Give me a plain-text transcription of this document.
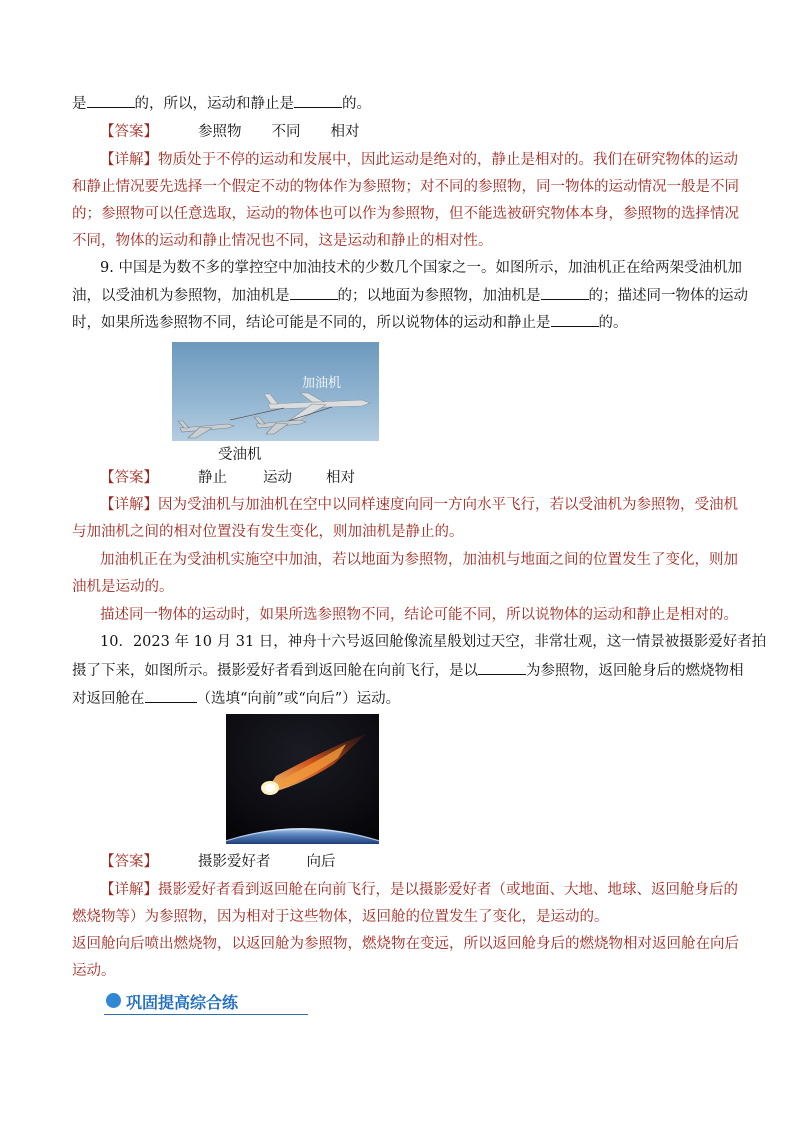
是	的，所以，运动和静止是	的。
【答案】	参照物 不同 相对
【详解】物质处于不停的运动和发展中，因此运动是绝对的，静止是相对的。我们在研究物体的运动
和静止情况要先选择一个假定不动的物体作为参照物；对不同的参照物，同一物体的运动情况一般是不同
的；参照物可以任意选取，运动的物体也可以作为参照物，但不能选被研究物体本身，参照物的选择情况
不同，物体的运动和静止情况也不同，这是运动和静止的相对性。
9. 中国是为数不多的掌控空中加油技术的少数几个国家之一。如图所示，加油机正在给两架受油机加
油，以受油机为参照物，加油机是	的；以地面为参照物，加油机是	的；描述同一物体的运动
时，如果所选参照物不同，结论可能是不同的，所以说物体的运动和静止是	的。
加油机
受油机
【答案】	静止 运动 相对
【详解】因为受油机与加油机在空中以同样速度向同一方向水平飞行，若以受油机为参照物，受油机
与加油机之间的相对位置没有发生变化，则加油机是静止的。
加油机正在为受油机实施空中加油，若以地面为参照物，加油机与地面之间的位置发生了变化，则加
油机是运动的。
描述同一物体的运动时，如果所选参照物不同，结论可能不同，所以说物体的运动和静止是相对的。
10．2023 年 10 月 31 日，神舟十六号返回舱像流星般划过天空，非常壮观，这一情景被摄影爱好者拍
摄了下来，如图所示。摄影爱好者看到返回舱在向前飞行，是以	为参照物，返回舱身后的燃烧物相
对返回舱在	（选填“向前”或“向后”）运动。
【答案】	摄影爱好者 向后
【详解】摄影爱好者看到返回舱在向前飞行，是以摄影爱好者（或地面、大地、地球、返回舱身后的
燃烧物等）为参照物，因为相对于这些物体，返回舱的位置发生了变化，是运动的。
返回舱向后喷出燃烧物，以返回舱为参照物，燃烧物在变远，所以返回舱身后的燃烧物相对返回舱在向后
运动。
巩固提高综合练
